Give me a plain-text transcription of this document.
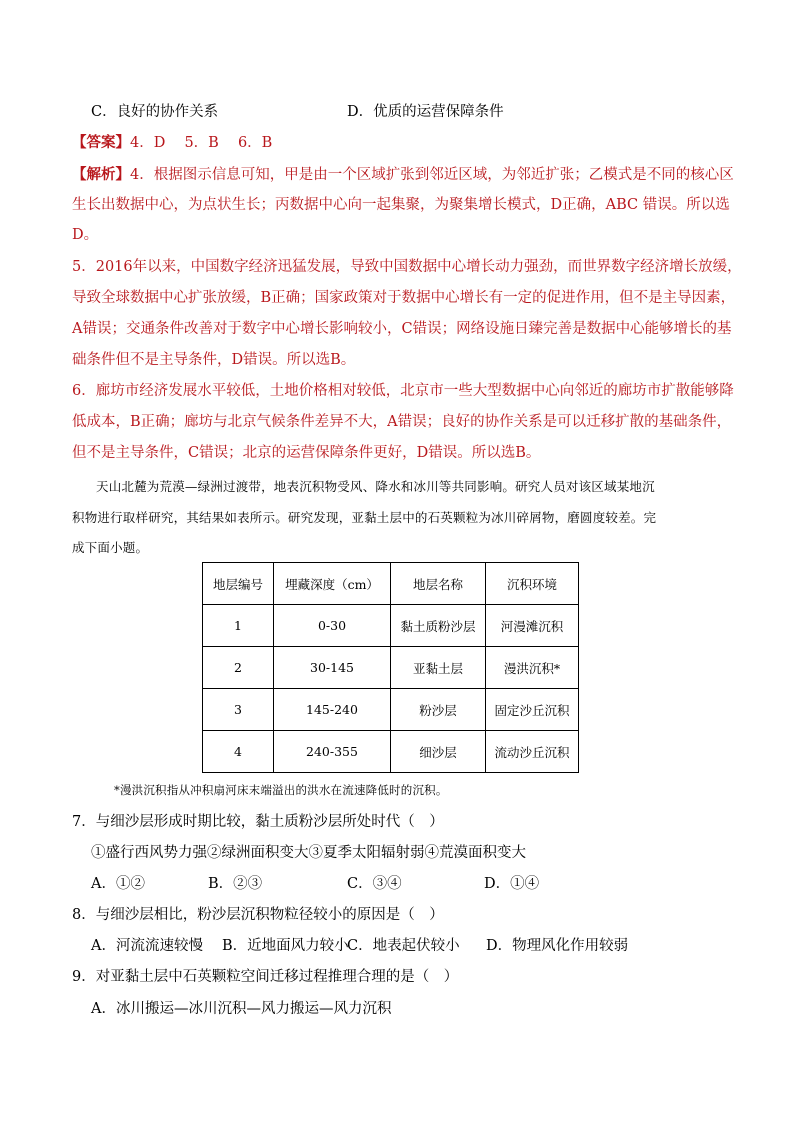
C．良好的协作关系	D．优质的运营保障条件
【答案】4．D　 5．B　 6．B
【解析】4．根据图示信息可知，甲是由一个区域扩张到邻近区域，为邻近扩张；乙模式是不同的核心区
生长出数据中心，为点状生长；丙数据中心向一起集聚，为聚集增长模式，D正确，ABC 错误。所以选
D。
5．2016年以来，中国数字经济迅猛发展，导致中国数据中心增长动力强劲，而世界数字经济增长放缓，
导致全球数据中心扩张放缓，B正确；国家政策对于数据中心增长有一定的促进作用，但不是主导因素，
A错误；交通条件改善对于数字中心增长影响较小，C错误；网络设施日臻完善是数据中心能够增长的基
础条件但不是主导条件，D错误。所以选B。
6．廊坊市经济发展水平较低，土地价格相对较低，北京市一些大型数据中心向邻近的廊坊市扩散能够降
低成本，B正确；廊坊与北京气候条件差异不大，A错误；良好的协作关系是可以迁移扩散的基础条件，
但不是主导条件，C错误；北京的运营保障条件更好，D错误。所以选B。
天山北麓为荒漠—绿洲过渡带，地表沉积物受风、降水和冰川等共同影响。研究人员对该区域某地沉
积物进行取样研究，其结果如表所示。研究发现，亚黏土层中的石英颗粒为冰川碎屑物，磨圆度较差。完
成下面小题。
地层编号	埋藏深度（cm）	地层名称	沉积环境
1	0-30	黏土质粉沙层	河漫滩沉积
2	30-145	亚黏土层	漫洪沉积*
3	145-240	粉沙层	固定沙丘沉积
4	240-355	细沙层	流动沙丘沉积
*漫洪沉积指从冲积扇河床末端溢出的洪水在流速降低时的沉积。
7．与细沙层形成时期比较，黏土质粉沙层所处时代（　）
①盛行西风势力强②绿洲面积变大③夏季太阳辐射弱④荒漠面积变大
A．①②	B．②③	C．③④	D．①④
8．与细沙层相比，粉沙层沉积物粒径较小的原因是（　）
A．河流流速较慢 B．近地面风力较小
C．地表起伏较小 D．物理风化作用较弱
9．对亚黏土层中石英颗粒空间迁移过程推理合理的是（　）
A．冰川搬运—冰川沉积—风力搬运—风力沉积
